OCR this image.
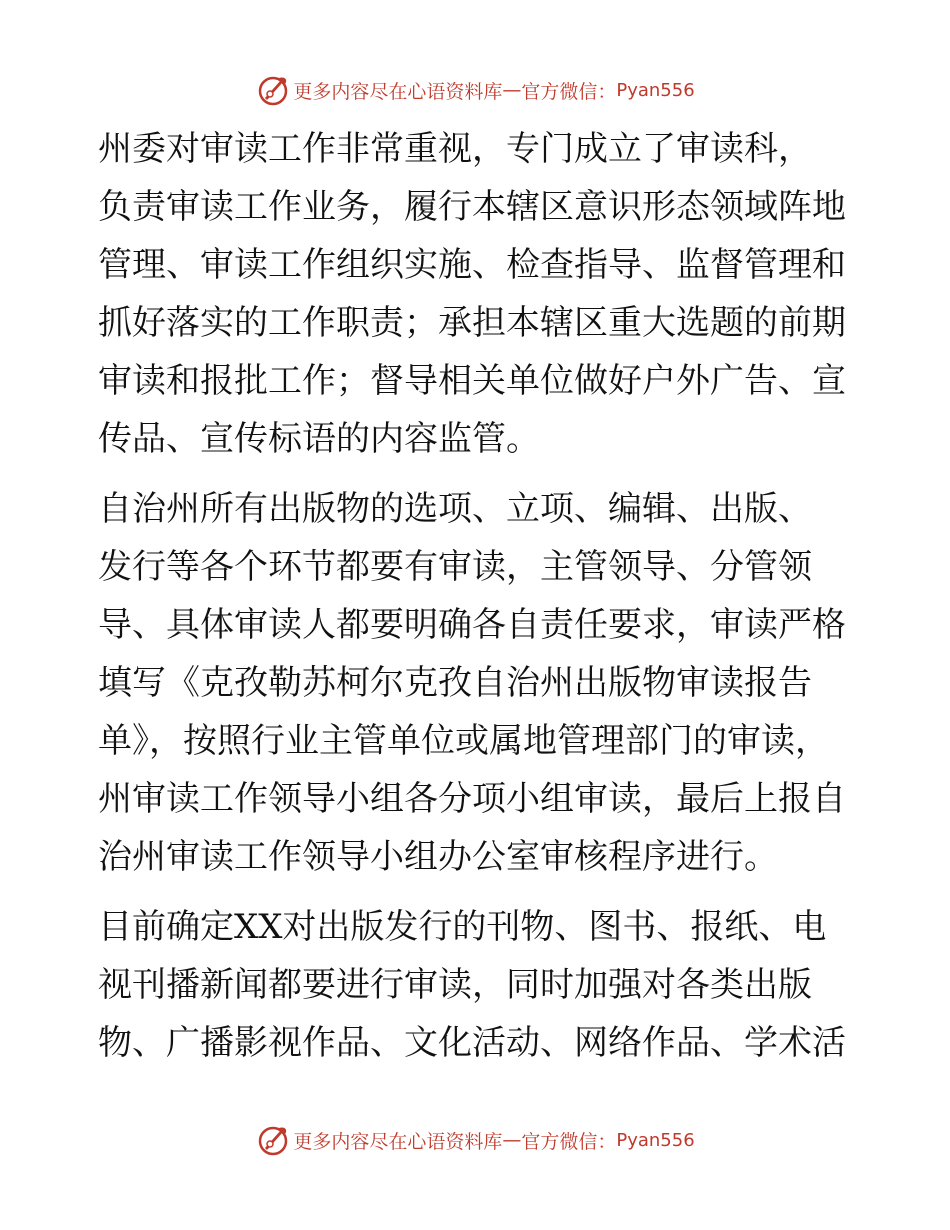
更多内容尽在心语资料库 — 官方微信： Pyan556
州委对审读工作非常重视，专门成立了审读科，
负责审读工作业务，履行本辖区意识形态领域阵地
管理、审读工作组织实施、检查指导、监督管理和
抓好落实的工作职责；承担本辖区重大选题的前期
审读和报批工作；督导相关单位做好户外广告、宣
传品、宣传标语的内容监管。
自治州所有出版物的选项、立项、编辑、出版、
发行等各个环节都要有审读，主管领导、分管领
导、具体审读人都要明确各自责任要求，审读严格
填写《克孜勒苏柯尔克孜自治州出版物审读报告
单》，按照行业主管单位或属地管理部门的审读，
州审读工作领导小组各分项小组审读，最后上报自
治州审读工作领导小组办公室审核程序进行。
目前确定XX对出版发行的刊物、图书、报纸、电
视刊播新闻都要进行审读，同时加强对各类出版
物、广播影视作品、文化活动、网络作品、学术活
更多内容尽在心语资料库 — 官方微信： Pyan556
